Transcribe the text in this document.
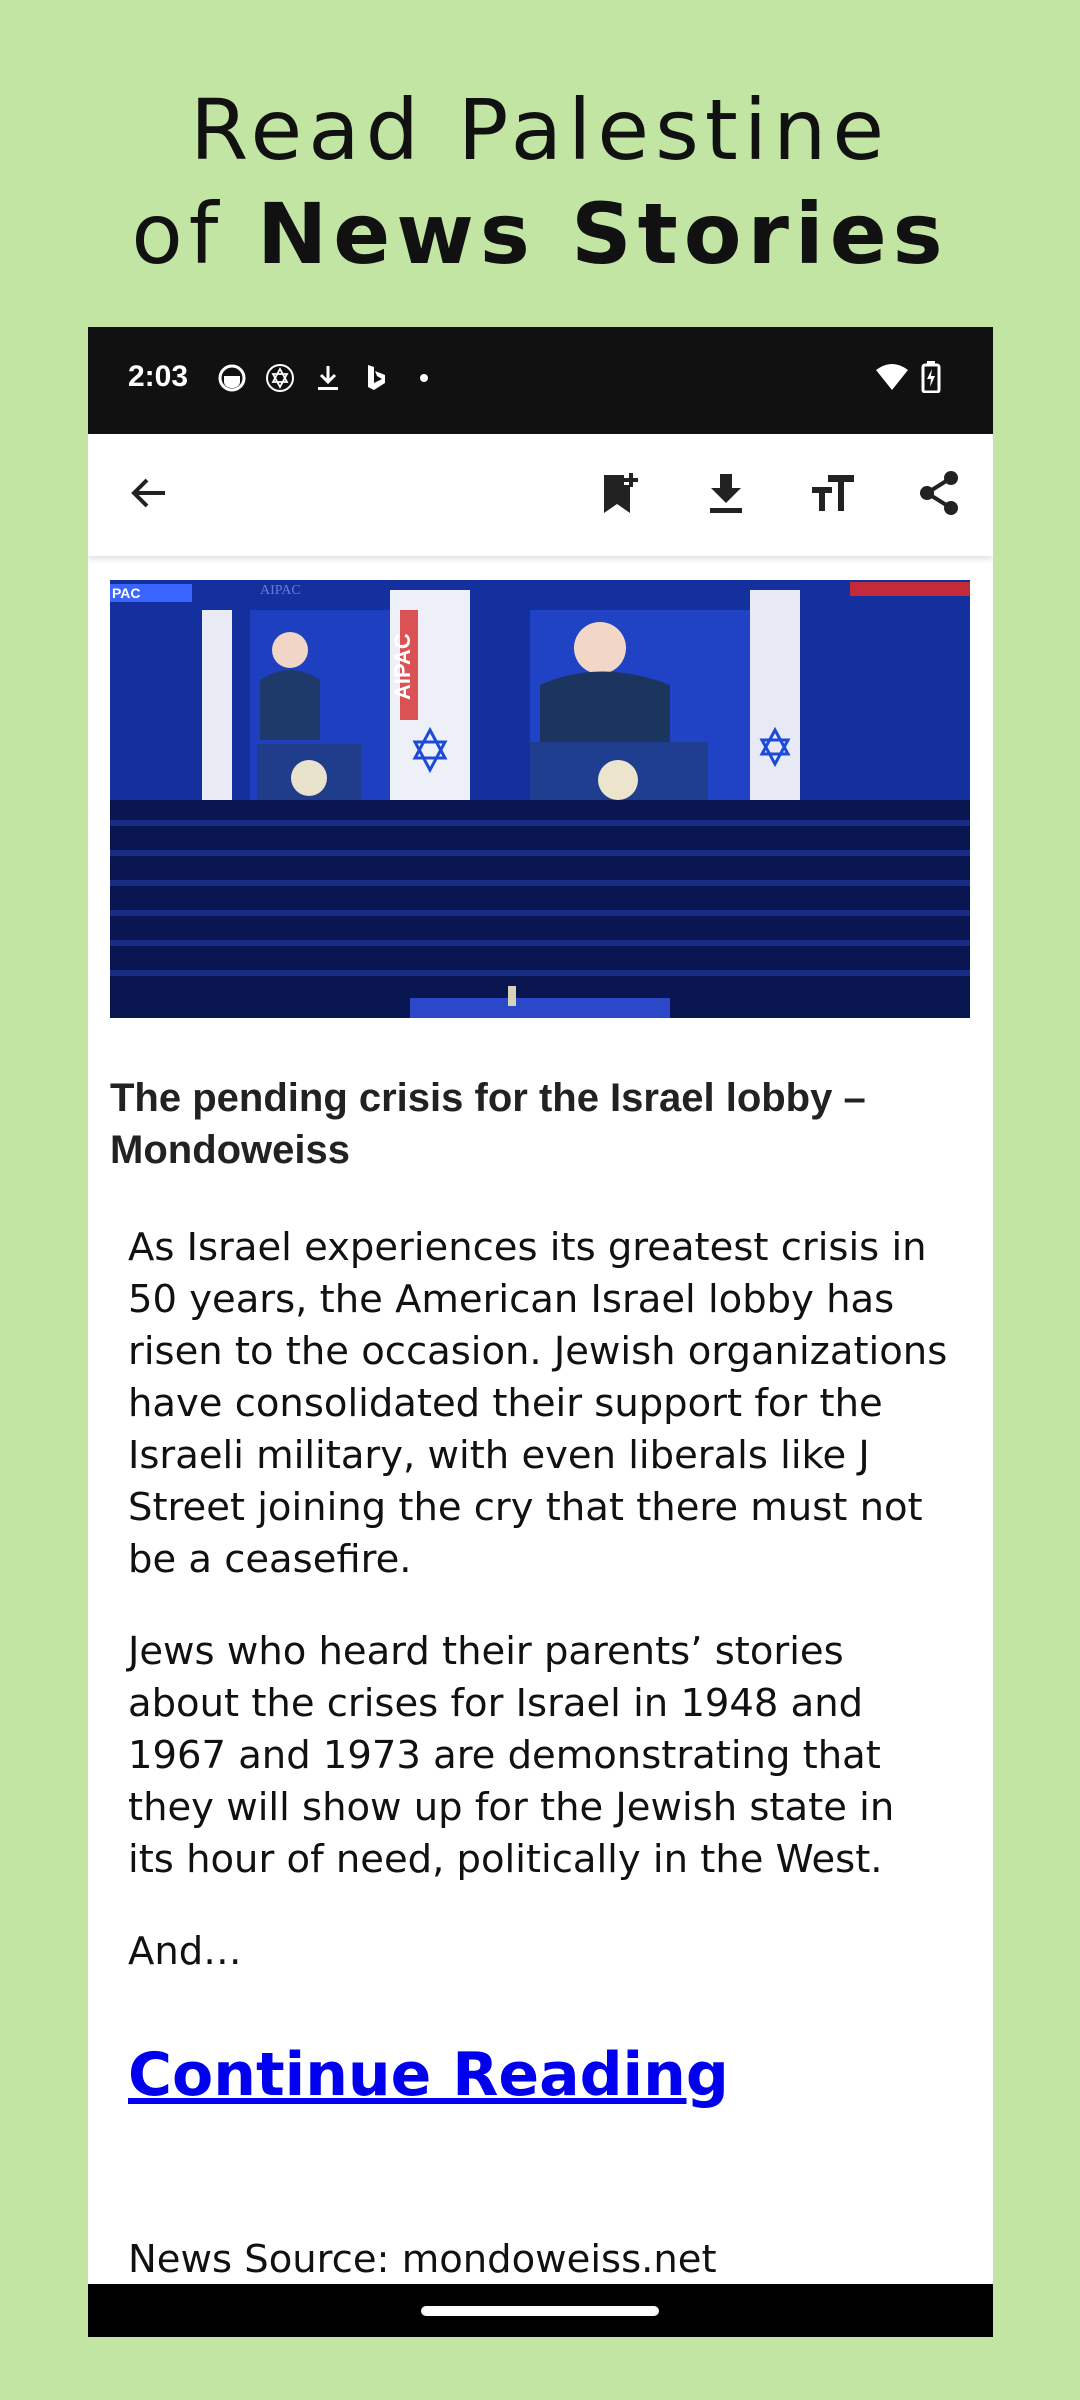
Read Palestine
of News Stories
2:03
PAC	AIPAC
AIPAC
The pending crisis for the Israel lobby – Mondoweiss

As Israel experiences its greatest crisis in 50 years, the American Israel lobby has risen to the occasion. Jewish organizations have consolidated their support for the Israeli military, with even liberals like J Street joining the cry that there must not be a ceasefire.

Jews who heard their parents’ stories about the crises for Israel in 1948 and 1967 and 1973 are demonstrating that they will show up for the Jewish state in its hour of need, politically in the West.

And…

Continue Reading
News Source: mondoweiss.net
